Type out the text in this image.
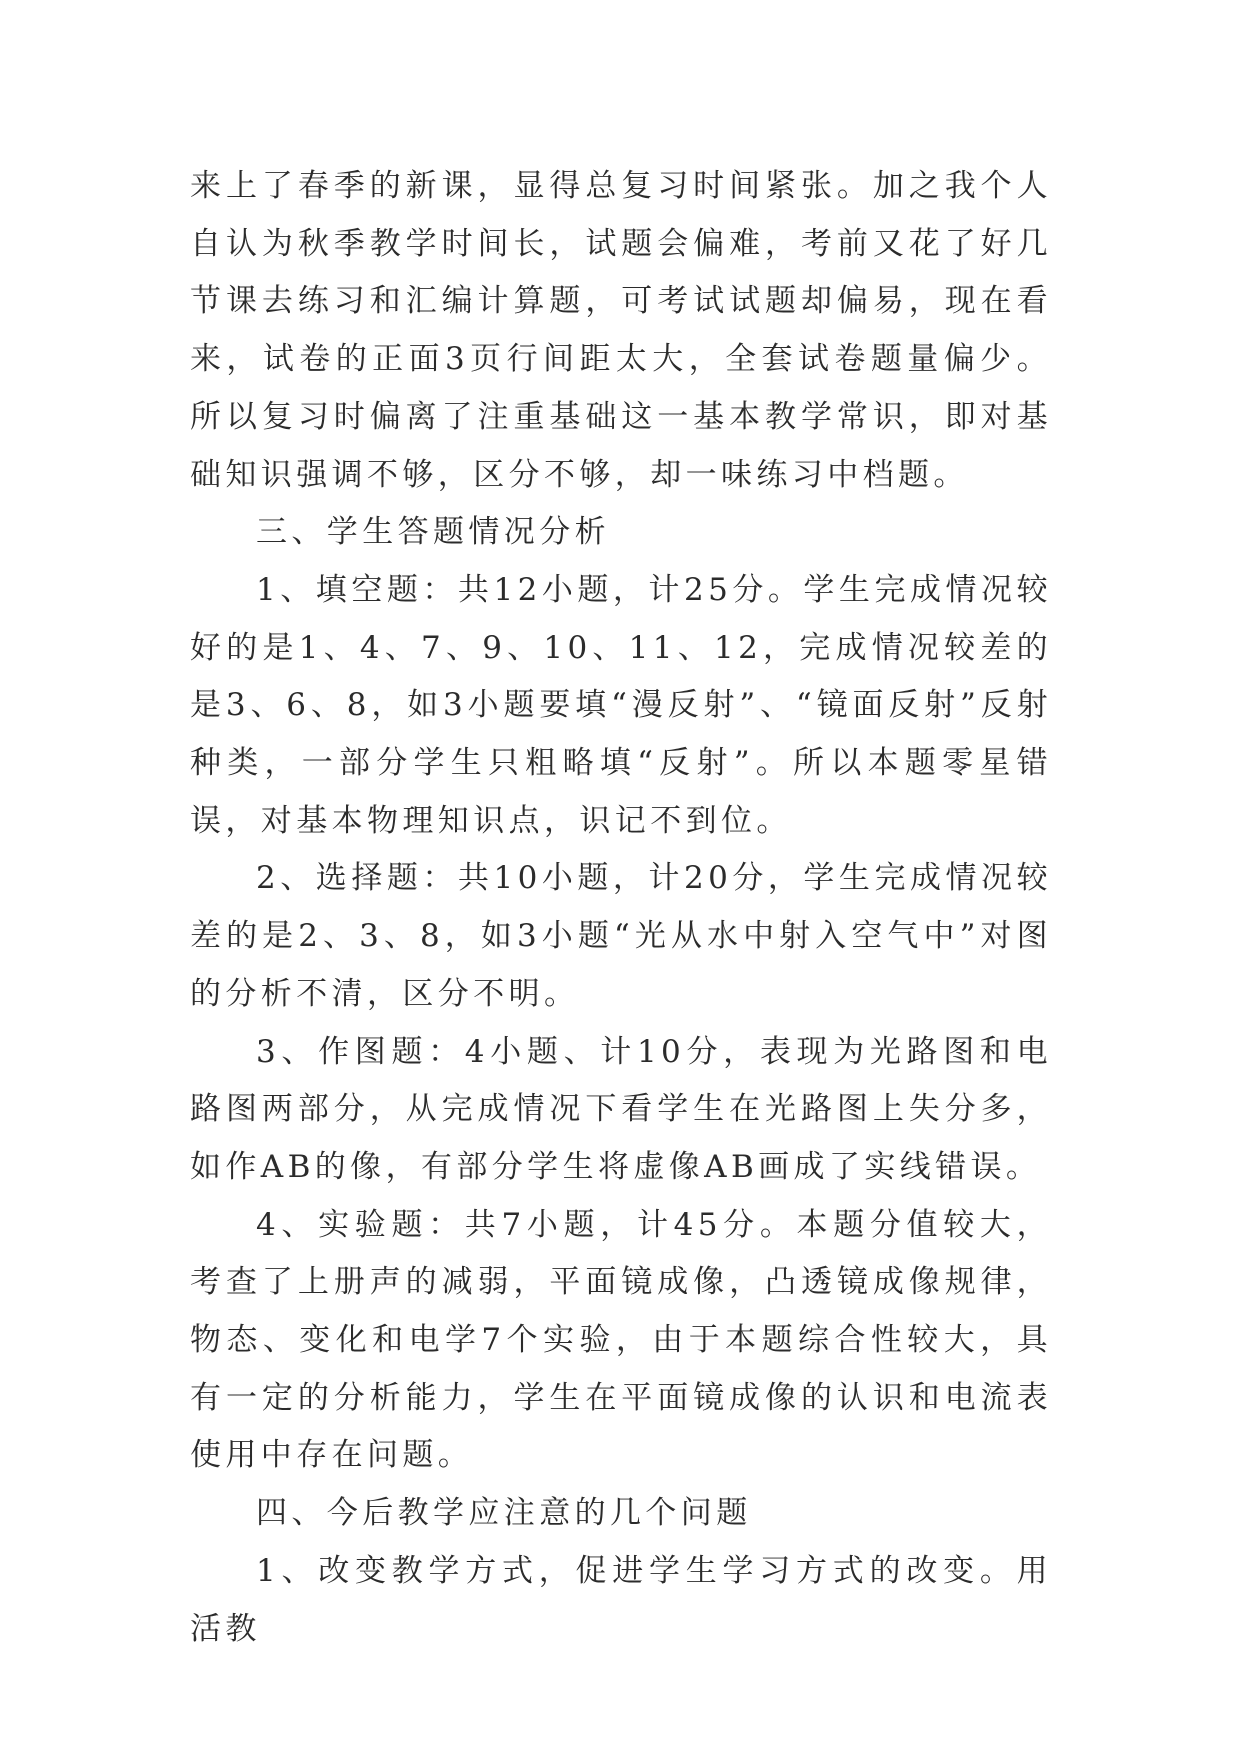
来上了春季的新课，显得总复习时间紧张。加之我个人自认为秋季教学时间长，试题会偏难，考前又花了好几节课去练习和汇编计算题，可考试试题却偏易，现在看来，试卷的正面3页行间距太大，全套试卷题量偏少。所以复习时偏离了注重基础这一基本教学常识，即对基础知识强调不够，区分不够，却一味练习中档题。

三、学生答题情况分析

1、填空题：共12小题，计25分。学生完成情况较好的是1、4、7、9、10、11、12，完成情况较差的是3、6、8，如3小题要填“漫反射”、“镜面反射”反射种类，一部分学生只粗略填“反射”。所以本题零星错误，对基本物理知识点，识记不到位。

2、选择题：共10小题，计20分，学生完成情况较差的是2、3、8，如3小题“光从水中射入空气中”对图的分析不清，区分不明。

3、作图题：4小题、计10分，表现为光路图和电路图两部分，从完成情况下看学生在光路图上失分多，如作AB的像，有部分学生将虚像AB画成了实线错误。

4、实验题：共7小题，计45分。本题分值较大，考查了上册声的减弱，平面镜成像，凸透镜成像规律，物态、变化和电学7个实验，由于本题综合性较大，具有一定的分析能力，学生在平面镜成像的认识和电流表使用中存在问题。

四、今后教学应注意的几个问题

1、改变教学方式，促进学生学习方式的改变。用活教
